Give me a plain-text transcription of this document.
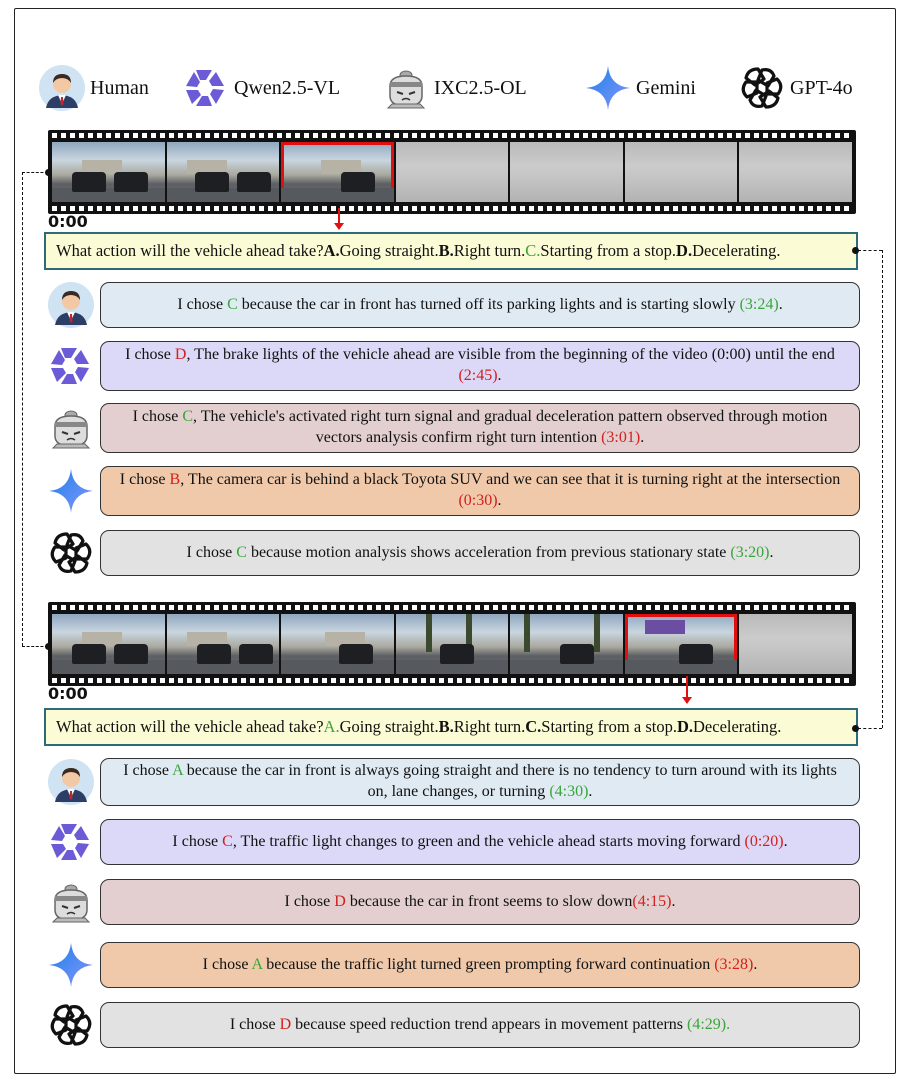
Human	Qwen2.5-VL	IXC2.5-OL	Gemini	GPT-4o
0:00
What action will the vehicle ahead take? A. Going straight. B. Right turn. C. Starting from a stop. D. Decelerating.
I chose C because the car in front has turned off its parking lights and is starting slowly (3:24).
I chose D, The brake lights of the vehicle ahead are visible from the beginning of the video (0:00) until the end (2:45).
I chose C, The vehicle's activated right turn signal and gradual deceleration pattern observed through motion vectors analysis confirm right turn intention (3:01).
I chose B, The camera car is behind a black Toyota SUV and we can see that it is turning right at the intersection (0:30).
I chose C because motion analysis shows acceleration from previous stationary state (3:20).
0:00
What action will the vehicle ahead take? A. Going straight. B. Right turn. C. Starting from a stop. D. Decelerating.
I chose A because the car in front is always going straight and there is no tendency to turn around with its lights on, lane changes, or turning (4:30).
I chose C, The traffic light changes to green and the vehicle ahead starts moving forward (0:20).
I chose D because the car in front seems to slow down(4:15).
I chose A because the traffic light turned green prompting forward continuation (3:28).
I chose D because speed reduction trend appears in movement patterns (4:29).
